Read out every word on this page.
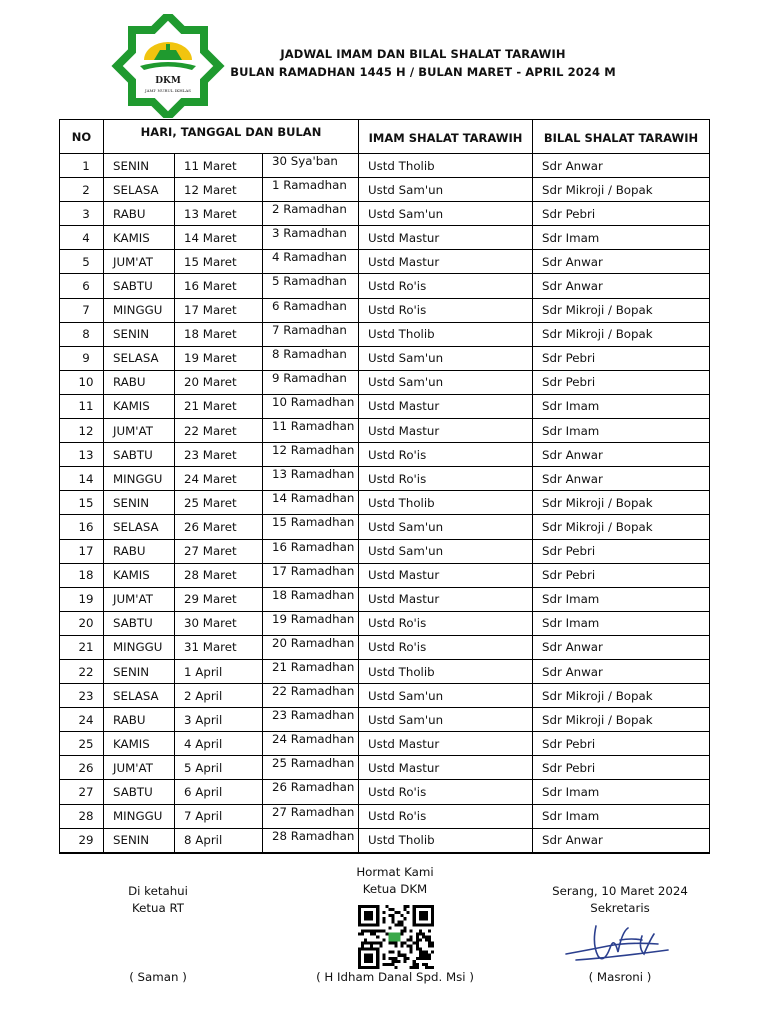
DKM
JAMI' NURUL IKHLAS
JADWAL IMAM DAN BILAL SHALAT TARAWIH
BULAN RAMADHAN 1445 H / BULAN MARET - APRIL 2024 M
NO	HARI, TANGGAL DAN BULAN			IMAM SHALAT TARAWIH	BILAL SHALAT TARAWIH
1	SENIN	11 Maret	30 Sya'ban	Ustd Tholib	Sdr Anwar
2	SELASA	12 Maret	1 Ramadhan	Ustd Sam'un	Sdr Mikroji / Bopak
3	RABU	13 Maret	2 Ramadhan	Ustd Sam'un	Sdr Pebri
4	KAMIS	14 Maret	3 Ramadhan	Ustd Mastur	Sdr Imam
5	JUM'AT	15 Maret	4 Ramadhan	Ustd Mastur	Sdr Anwar
6	SABTU	16 Maret	5 Ramadhan	Ustd Ro'is	Sdr Anwar
7	MINGGU	17 Maret	6 Ramadhan	Ustd Ro'is	Sdr Mikroji / Bopak
8	SENIN	18 Maret	7 Ramadhan	Ustd Tholib	Sdr Mikroji / Bopak
9	SELASA	19 Maret	8 Ramadhan	Ustd Sam'un	Sdr Pebri
10	RABU	20 Maret	9 Ramadhan	Ustd Sam'un	Sdr Pebri
11	KAMIS	21 Maret	10 Ramadhan	Ustd Mastur	Sdr Imam
12	JUM'AT	22 Maret	11 Ramadhan	Ustd Mastur	Sdr Imam
13	SABTU	23 Maret	12 Ramadhan	Ustd Ro'is	Sdr Anwar
14	MINGGU	24 Maret	13 Ramadhan	Ustd Ro'is	Sdr Anwar
15	SENIN	25 Maret	14 Ramadhan	Ustd Tholib	Sdr Mikroji / Bopak
16	SELASA	26 Maret	15 Ramadhan	Ustd Sam'un	Sdr Mikroji / Bopak
17	RABU	27 Maret	16 Ramadhan	Ustd Sam'un	Sdr Pebri
18	KAMIS	28 Maret	17 Ramadhan	Ustd Mastur	Sdr Pebri
19	JUM'AT	29 Maret	18 Ramadhan	Ustd Mastur	Sdr Imam
20	SABTU	30 Maret	19 Ramadhan	Ustd Ro'is	Sdr Imam
21	MINGGU	31 Maret	20 Ramadhan	Ustd Ro'is	Sdr Anwar
22	SENIN	1 April	21 Ramadhan	Ustd Tholib	Sdr Anwar
23	SELASA	2 April	22 Ramadhan	Ustd Sam'un	Sdr Mikroji / Bopak
24	RABU	3 April	23 Ramadhan	Ustd Sam'un	Sdr Mikroji / Bopak
25	KAMIS	4 April	24 Ramadhan	Ustd Mastur	Sdr Pebri
26	JUM'AT	5 April	25 Ramadhan	Ustd Mastur	Sdr Pebri
27	SABTU	6 April	26 Ramadhan	Ustd Ro'is	Sdr Imam
28	MINGGU	7 April	27 Ramadhan	Ustd Ro'is	Sdr Imam
29	SENIN	8 April	28 Ramadhan	Ustd Tholib	Sdr Anwar
Di ketahui
Ketua RT
( Saman )
Hormat Kami
Ketua DKM
( H Idham Danal Spd. Msi )
Serang, 10 Maret 2024
Sekretaris
( Masroni )
